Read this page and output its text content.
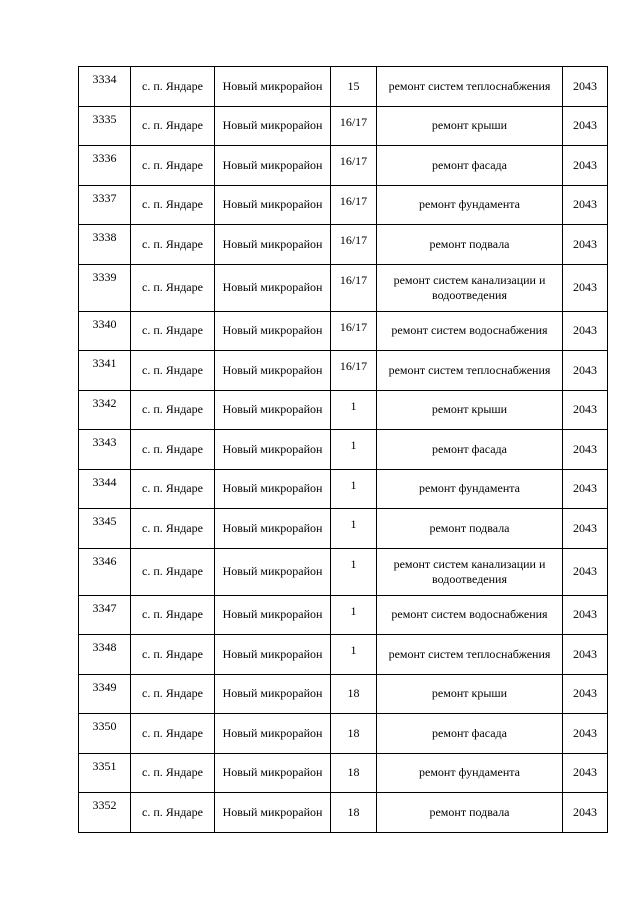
3334	с. п. Яндаре	Новый микрорайон	15	ремонт систем теплоснабжения	2043
3335	с. п. Яндаре	Новый микрорайон	16/17	ремонт крыши	2043
3336	с. п. Яндаре	Новый микрорайон	16/17	ремонт фасада	2043
3337	с. п. Яндаре	Новый микрорайон	16/17	ремонт фундамента	2043
3338	с. п. Яндаре	Новый микрорайон	16/17	ремонт подвала	2043
3339	с. п. Яндаре	Новый микрорайон	16/17	ремонт систем канализации и водоотведения	2043
3340	с. п. Яндаре	Новый микрорайон	16/17	ремонт систем водоснабжения	2043
3341	с. п. Яндаре	Новый микрорайон	16/17	ремонт систем теплоснабжения	2043
3342	с. п. Яндаре	Новый микрорайон	1	ремонт крыши	2043
3343	с. п. Яндаре	Новый микрорайон	1	ремонт фасада	2043
3344	с. п. Яндаре	Новый микрорайон	1	ремонт фундамента	2043
3345	с. п. Яндаре	Новый микрорайон	1	ремонт подвала	2043
3346	с. п. Яндаре	Новый микрорайон	1	ремонт систем канализации и водоотведения	2043
3347	с. п. Яндаре	Новый микрорайон	1	ремонт систем водоснабжения	2043
3348	с. п. Яндаре	Новый микрорайон	1	ремонт систем теплоснабжения	2043
3349	с. п. Яндаре	Новый микрорайон	18	ремонт крыши	2043
3350	с. п. Яндаре	Новый микрорайон	18	ремонт фасада	2043
3351	с. п. Яндаре	Новый микрорайон	18	ремонт фундамента	2043
3352	с. п. Яндаре	Новый микрорайон	18	ремонт подвала	2043
